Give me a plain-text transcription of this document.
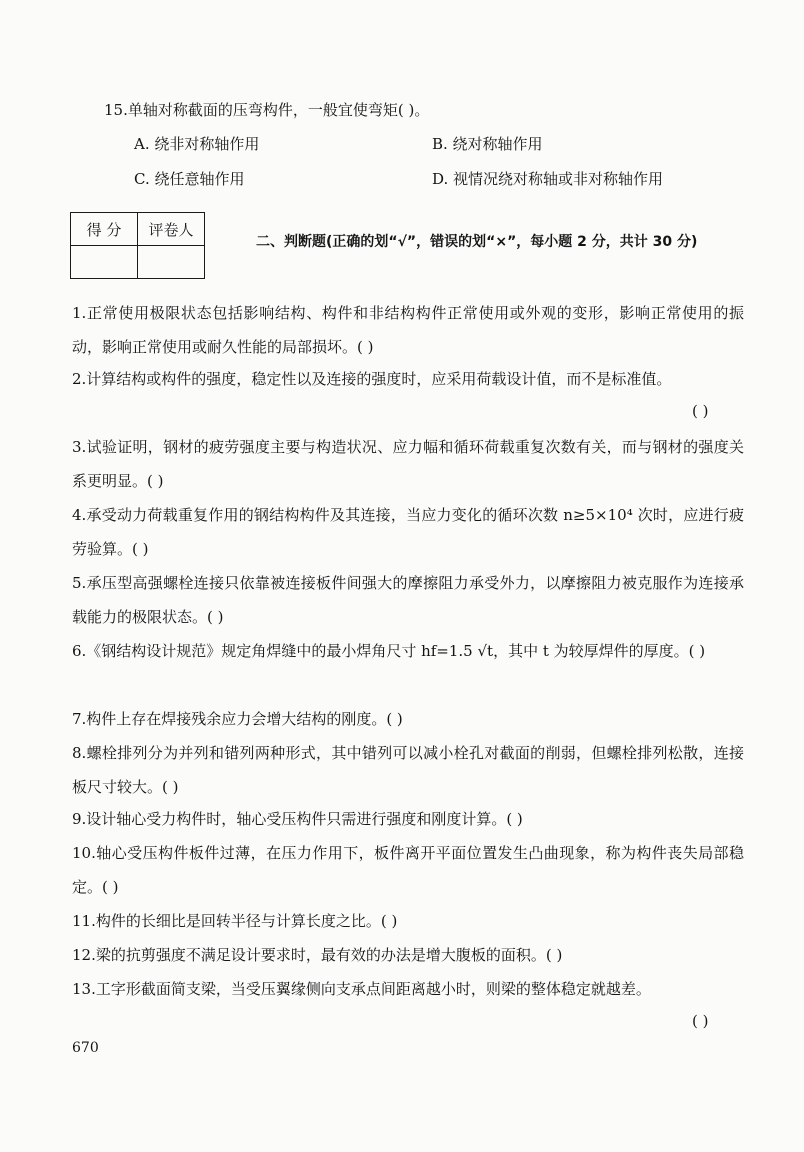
15.单轴对称截面的压弯构件，一般宜使弯矩( )。
A. 绕非对称轴作用	B. 绕对称轴作用
C. 绕任意轴作用	D. 视情况绕对称轴或非对称轴作用
得 分	评卷人

二、判断题(正确的划“√”，错误的划“×”，每小题 2 分，共计 30 分)
1.正常使用极限状态包括影响结构、构件和非结构构件正常使用或外观的变形，影响正常使用的振动，影响正常使用或耐久性能的局部损坏。( )
2.计算结构或构件的强度，稳定性以及连接的强度时，应采用荷载设计值，而不是标准值。
( )
3.试验证明，钢材的疲劳强度主要与构造状况、应力幅和循环荷载重复次数有关，而与钢材的强度关系更明显。( )
4.承受动力荷载重复作用的钢结构构件及其连接，当应力变化的循环次数 n≥5×10⁴ 次时，应进行疲劳验算。( )
5.承压型高强螺栓连接只依靠被连接板件间强大的摩擦阻力承受外力，以摩擦阻力被克服作为连接承载能力的极限状态。( )
6.《钢结构设计规范》规定角焊缝中的最小焊角尺寸 hf=1.5 √t，其中 t 为较厚焊件的厚度。( )
7.构件上存在焊接残余应力会增大结构的刚度。( )
8.螺栓排列分为并列和错列两种形式，其中错列可以减小栓孔对截面的削弱，但螺栓排列松散，连接板尺寸较大。( )
9.设计轴心受力构件时，轴心受压构件只需进行强度和刚度计算。( )
10.轴心受压构件板件过薄，在压力作用下，板件离开平面位置发生凸曲现象，称为构件丧失局部稳定。( )
11.构件的长细比是回转半径与计算长度之比。( )
12.梁的抗剪强度不满足设计要求时，最有效的办法是增大腹板的面积。( )
13.工字形截面简支梁，当受压翼缘侧向支承点间距离越小时，则梁的整体稳定就越差。
( )
670
